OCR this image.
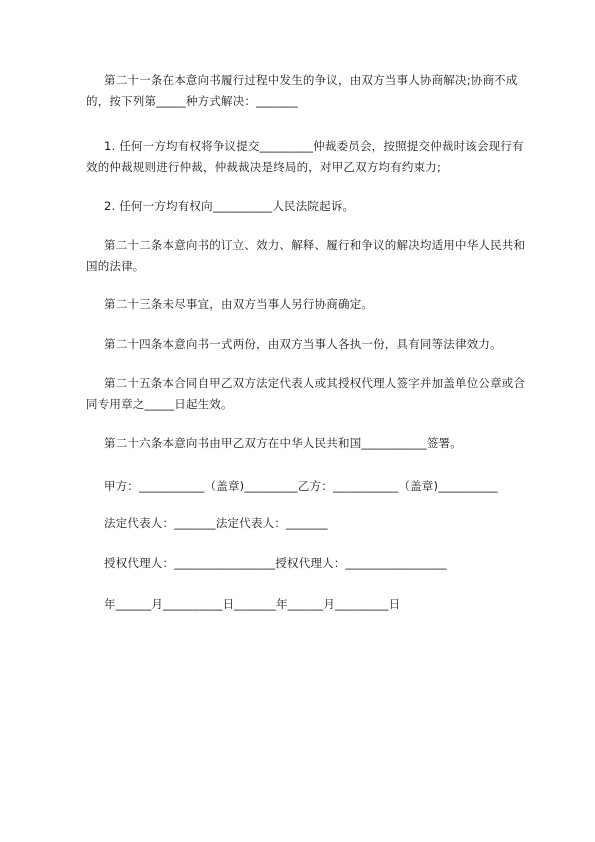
第二十一条在本意向书履行过程中发生的争议，由双方当事人协商解决;协商不成的，按下列第_____种方式解决：_______

1. 任何一方均有权将争议提交_________仲裁委员会，按照提交仲裁时该会现行有效的仲裁规则进行仲裁，仲裁裁决是终局的，对甲乙双方均有约束力;

2. 任何一方均有权向__________人民法院起诉。

第二十二条本意向书的订立、效力、解释、履行和争议的解决均适用中华人民共和国的法律。

第二十三条未尽事宜，由双方当事人另行协商确定。

第二十四条本意向书一式两份，由双方当事人各执一份，具有同等法律效力。

第二十五条本合同自甲乙双方法定代表人或其授权代理人签字并加盖单位公章或合同专用章之_____日起生效。

第二十六条本意向书由甲乙双方在中华人民共和国___________签署。

甲方：___________（盖章)_________乙方：___________（盖章)__________

法定代表人：_______法定代表人：_______

授权代理人：_________________授权代理人：_________________

年______月__________日_______年______月_________日
